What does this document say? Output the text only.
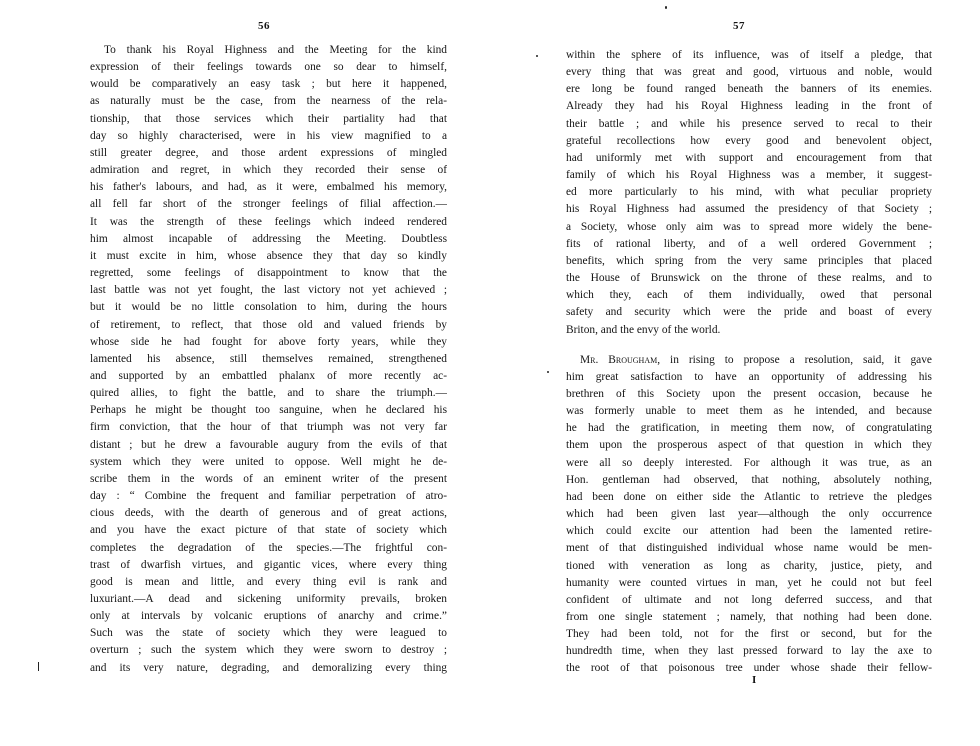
56
To thank his Royal Highness and the Meeting for the kind
expression of their feelings towards one so dear to himself,
would be comparatively an easy task ; but here it happened,
as naturally must be the case, from the nearness of the rela-
tionship, that those services which their partiality had that
day so highly characterised, were in his view magnified to a
still greater degree, and those ardent expressions of mingled
admiration and regret, in which they recorded their sense of
his father's labours, and had, as it were, embalmed his memory,
all fell far short of the stronger feelings of filial affection.—
It was the strength of these feelings which indeed rendered
him almost incapable of addressing the Meeting. Doubtless
it must excite in him, whose absence they that day so kindly
regretted, some feelings of disappointment to know that the
last battle was not yet fought, the last victory not yet achieved ;
but it would be no little consolation to him, during the hours
of retirement, to reflect, that those old and valued friends by
whose side he had fought for above forty years, while they
lamented his absence, still themselves remained, strengthened
and supported by an embattled phalanx of more recently ac-
quired allies, to fight the battle, and to share the triumph.—
Perhaps he might be thought too sanguine, when he declared his
firm conviction, that the hour of that triumph was not very far
distant ; but he drew a favourable augury from the evils of that
system which they were united to oppose. Well might he de-
scribe them in the words of an eminent writer of the present
day : “ Combine the frequent and familiar perpetration of atro-
cious deeds, with the dearth of generous and of great actions,
and you have the exact picture of that state of society which
completes the degradation of the species.—The frightful con-
trast of dwarfish virtues, and gigantic vices, where every thing
good is mean and little, and every thing evil is rank and
luxuriant.—A dead and sickening uniformity prevails, broken
only at intervals by volcanic eruptions of anarchy and crime.”
Such was the state of society which they were leagued to
overturn ; such the system which they were sworn to destroy ;
and its very nature, degrading, and demoralizing every thing
57
within the sphere of its influence, was of itself a pledge, that
every thing that was great and good, virtuous and noble, would
ere long be found ranged beneath the banners of its enemies.
Already they had his Royal Highness leading in the front of
their battle ; and while his presence served to recal to their
grateful recollections how every good and benevolent object,
had uniformly met with support and encouragement from that
family of which his Royal Highness was a member, it suggest-
ed more particularly to his mind, with what peculiar propriety
his Royal Highness had assumed the presidency of that Society ;
a Society, whose only aim was to spread more widely the bene-
fits of rational liberty, and of a well ordered Government ;
benefits, which spring from the very same principles that placed
the House of Brunswick on the throne of these realms, and to
which they, each of them individually, owed that personal
safety and security which were the pride and boast of every
Briton, and the envy of the world.
Mr. Brougham, in rising to propose a resolution, said, it gave
him great satisfaction to have an opportunity of addressing his
brethren of this Society upon the present occasion, because he
was formerly unable to meet them as he intended, and because
he had the gratification, in meeting them now, of congratulating
them upon the prosperous aspect of that question in which they
were all so deeply interested. For although it was true, as an
Hon. gentleman had observed, that nothing, absolutely nothing,
had been done on either side the Atlantic to retrieve the pledges
which had been given last year—although the only occurrence
which could excite our attention had been the lamented retire-
ment of that distinguished individual whose name would be men-
tioned with veneration as long as charity, justice, piety, and
humanity were counted virtues in man, yet he could not but feel
confident of ultimate and not long deferred success, and that
from one single statement ; namely, that nothing had been done.
They had been told, not for the first or second, but for the
hundredth time, when they last pressed forward to lay the axe to
the root of that poisonous tree under whose shade their fellow-
I
